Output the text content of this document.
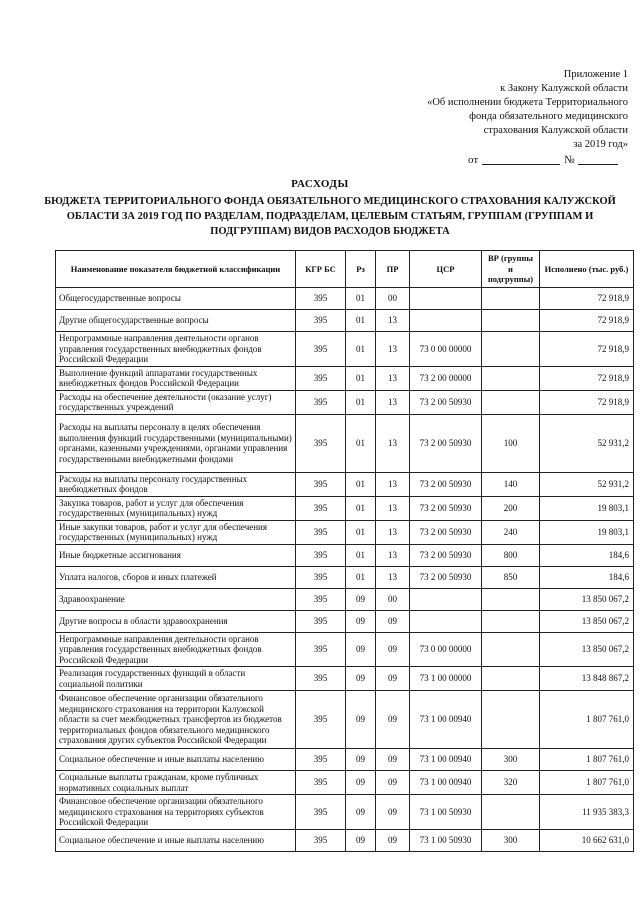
Приложение 1
к Закону Калужской области
«Об исполнении бюджета Территориального
фонда обязательного медицинского
страхования Калужской области
за 2019 год»
от	№
РАСХОДЫ
БЮДЖЕТА ТЕРРИТОРИАЛЬНОГО ФОНДА ОБЯЗАТЕЛЬНОГО МЕДИЦИНСКОГО СТРАХОВАНИЯ КАЛУЖСКОЙ ОБЛАСТИ ЗА 2019 ГОД ПО РАЗДЕЛАМ, ПОДРАЗДЕЛАМ, ЦЕЛЕВЫМ СТАТЬЯМ, ГРУППАМ (ГРУППАМ И ПОДГРУППАМ) ВИДОВ РАСХОДОВ БЮДЖЕТА
Наименование показателя бюджетной классификации	КГР БС	Рз	ПР	ЦСР	ВР (группы и подгруппы)	Исполнено (тыс. руб.)
Общегосударственные вопросы	395	01	00			72 918,9
Другие общегосударственные вопросы	395	01	13			72 918,9
Непрограммные направления деятельности органов управления государственных внебюджетных фондов Российской Федерации	395	01	13	73 0 00 00000		72 918,9
Выполнение функций аппаратами государственных внебюджетных фондов Российской Федерации	395	01	13	73 2 00 00000		72 918,9
Расходы на обеспечение деятельности (оказание услуг) государственных учреждений	395	01	13	73 2 00 50930		72 918,9
Расходы на выплаты персоналу в целях обеспечения выполнения функций государственными (муниципальными) органами, казенными учреждениями, органами управления государственными внебюджетными фондами	395	01	13	73 2 00 50930	100	52 931,2
Расходы на выплаты персоналу государственных внебюджетных фондов	395	01	13	73 2 00 50930	140	52 931,2
Закупка товаров, работ и услуг для обеспечения государственных (муниципальных) нужд	395	01	13	73 2 00 50930	200	19 803,1
Иные закупки товаров, работ и услуг для обеспечения государственных (муниципальных) нужд	395	01	13	73 2 00 50930	240	19 803,1
Иные бюджетные ассигнования	395	01	13	73 2 00 50930	800	184,6
Уплата налогов, сборов и иных платежей	395	01	13	73 2 00 50930	850	184,6
Здравоохранение	395	09	00			13 850 067,2
Другие вопросы в области здравоохранения	395	09	09			13 850 067,2
Непрограммные направления деятельности органов управления государственных внебюджетных фондов Российской Федерации	395	09	09	73 0 00 00000		13 850 067,2
Реализация государственных функций в области социальной политики	395	09	09	73 1 00 00000		13 848 867,2
Финансовое обеспечение организации обязательного медицинского страхования на территории Калужской области за счет межбюджетных трансфертов из бюджетов территориальных фондов обязательного медицинского страхования других субъектов Российской Федерации	395	09	09	73 1 00 00940		1 807 761,0
Социальное обеспечение и иные выплаты населению	395	09	09	73 1 00 00940	300	1 807 761,0
Социальные выплаты гражданам, кроме публичных нормативных социальных выплат	395	09	09	73 1 00 00940	320	1 807 761,0
Финансовое обеспечение организации обязательного медицинского страхования на территориях субъектов Российской Федерации	395	09	09	73 1 00 50930		11 935 383,3
Социальное обеспечение и иные выплаты населению	395	09	09	73 1 00 50930	300	10 662 631,0
